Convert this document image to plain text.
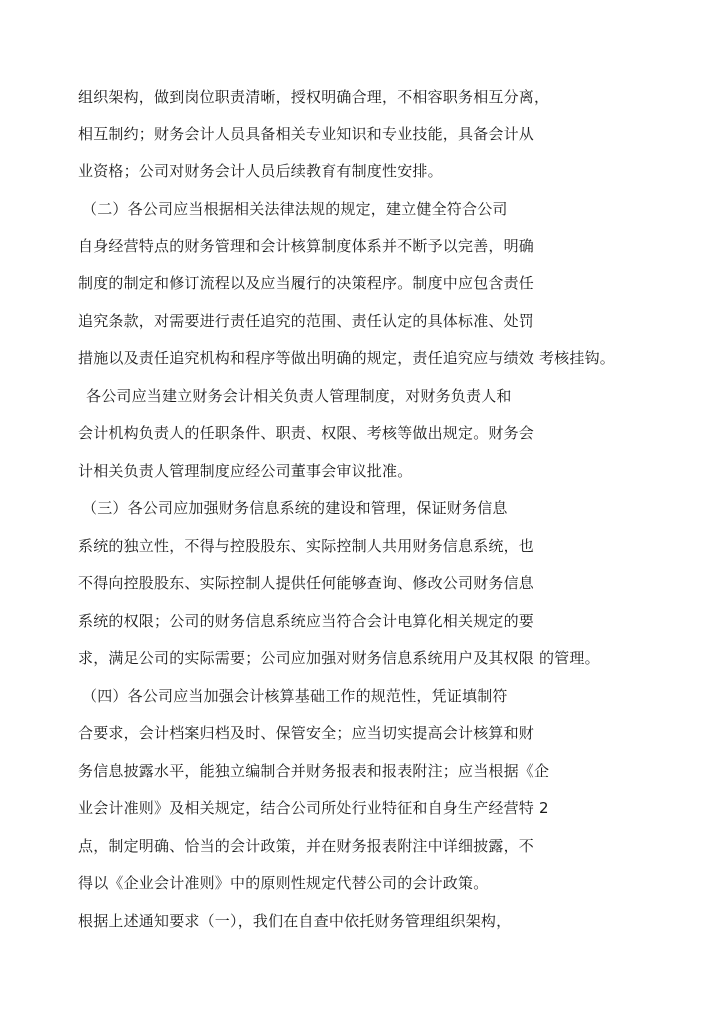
组织架构，做到岗位职责清晰，授权明确合理，不相容职务相互分离，
相互制约；财务会计人员具备相关专业知识和专业技能，具备会计从
业资格；公司对财务会计人员后续教育有制度性安排。
（二）各公司应当根据相关法律法规的规定，建立健全符合公司
自身经营特点的财务管理和会计核算制度体系并不断予以完善，明确
制度的制定和修订流程以及应当履行的决策程序。制度中应包含责任
追究条款，对需要进行责任追究的范围、责任认定的具体标准、处罚
措施以及责任追究机构和程序等做出明确的规定，责任追究应与绩效 考核挂钩。
各公司应当建立财务会计相关负责人管理制度，对财务负责人和
会计机构负责人的任职条件、职责、权限、考核等做出规定。财务会
计相关负责人管理制度应经公司董事会审议批准。
（三）各公司应加强财务信息系统的建设和管理，保证财务信息
系统的独立性，不得与控股股东、实际控制人共用财务信息系统，也
不得向控股股东、实际控制人提供任何能够查询、修改公司财务信息
系统的权限；公司的财务信息系统应当符合会计电算化相关规定的要
求，满足公司的实际需要；公司应加强对财务信息系统用户及其权限 的管理。
（四）各公司应当加强会计核算基础工作的规范性，凭证填制符
合要求，会计档案归档及时、保管安全；应当切实提高会计核算和财
务信息披露水平，能独立编制合并财务报表和报表附注；应当根据《企
业会计准则》及相关规定，结合公司所处行业特征和自身生产经营特 2
点，制定明确、恰当的会计政策，并在财务报表附注中详细披露，不
得以《企业会计准则》中的原则性规定代替公司的会计政策。
根据上述通知要求（一），我们在自查中依托财务管理组织架构，
